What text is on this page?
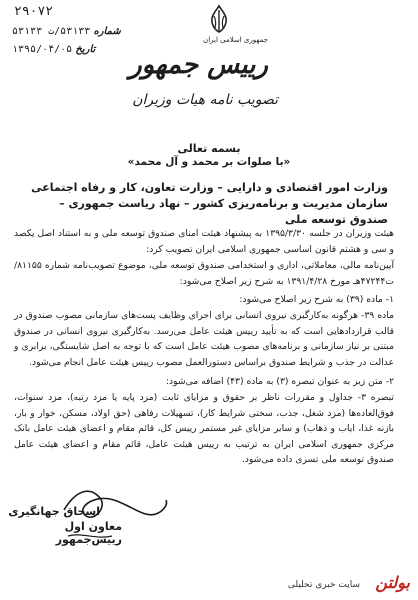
۲۹۰۷۲
شماره ۵۳۱۳۳/ت ۵۳۱۳۳
تاریخ ۱۳۹۵/۰۴/۰۵
جمهوری اسلامی ایران
رییس جمهور
تصویب نامه هیات وزیران
بسمه تعالی
«با صلوات بر محمد و آل محمد»
وزارت امور اقتصادی و دارایی – وزارت تعاون، کار و رفاه اجتماعی
سازمان مدیریت و برنامه‌ریزی کشور – نهاد ریاست جمهوری – صندوق توسعه ملی
هیئت وزیران در جلسه ۱۳۹۵/۳/۳۰ به پیشنهاد هیئت امنای صندوق توسعه ملی و به استناد اصل یکصد و سی و هشتم قانون اساسی جمهوری اسلامی ایران تصویب کرد:
آیین‌نامه مالی، معاملاتی، اداری و استخدامی صندوق توسعه ملی، موضوع تصویب‌نامه شماره ۸۱۱۵۵/ت۴۷۲۴۴هـ مورخ ۱۳۹۱/۴/۲۸ به شرح زیر اصلاح می‌شود:
۱- ماده (۳۹) به شرح زیر اصلاح می‌شود:
ماده ۳۹- هرگونه به‌کارگیری نیروی انسانی برای اجرای وظایف پست‌های سازمانی مصوب صندوق در قالب قراردادهایی است که به تأیید رییس هیئت عامل می‌رسد. به‌کارگیری نیروی انسانی در صندوق مبتنی بر نیاز سازمانی و برنامه‌های مصوب هیئت عامل است که با توجه به اصل شایستگی، برابری و عدالت در جذب و شرایط صندوق براساس دستورالعمل مصوب رییس هیئت عامل انجام می‌شود.
۲- متن زیر به عنوان تبصره (۳) به ماده (۴۳) اضافه می‌شود:
تبصره ۳- جداول و مقررات ناظر بر حقوق و مزایای ثابت (مزد پایه یا مزد رتبه)، مزد سنوات، فوق‌العاده‌ها (مزد شغل، جذب، سختی شرایط کار)، تسهیلات رفاهی (حق اولاد، مسکن، خوار و بار، بازنه غذا، ایاب و ذهاب) و سایر مزایای غیر مستمر رییس کل، قائم مقام و اعضای هیئت عامل بانک مرکزی جمهوری اسلامی ایران به ترتیب به رییس هیئت عامل، قائم مقام و اعضای هیئت عامل صندوق توسعه ملی تسری داده می‌شود.
اسحاق جهانگیری
معاون اول رییس‌جمهور
سایت خبری تحلیلی بولتن
